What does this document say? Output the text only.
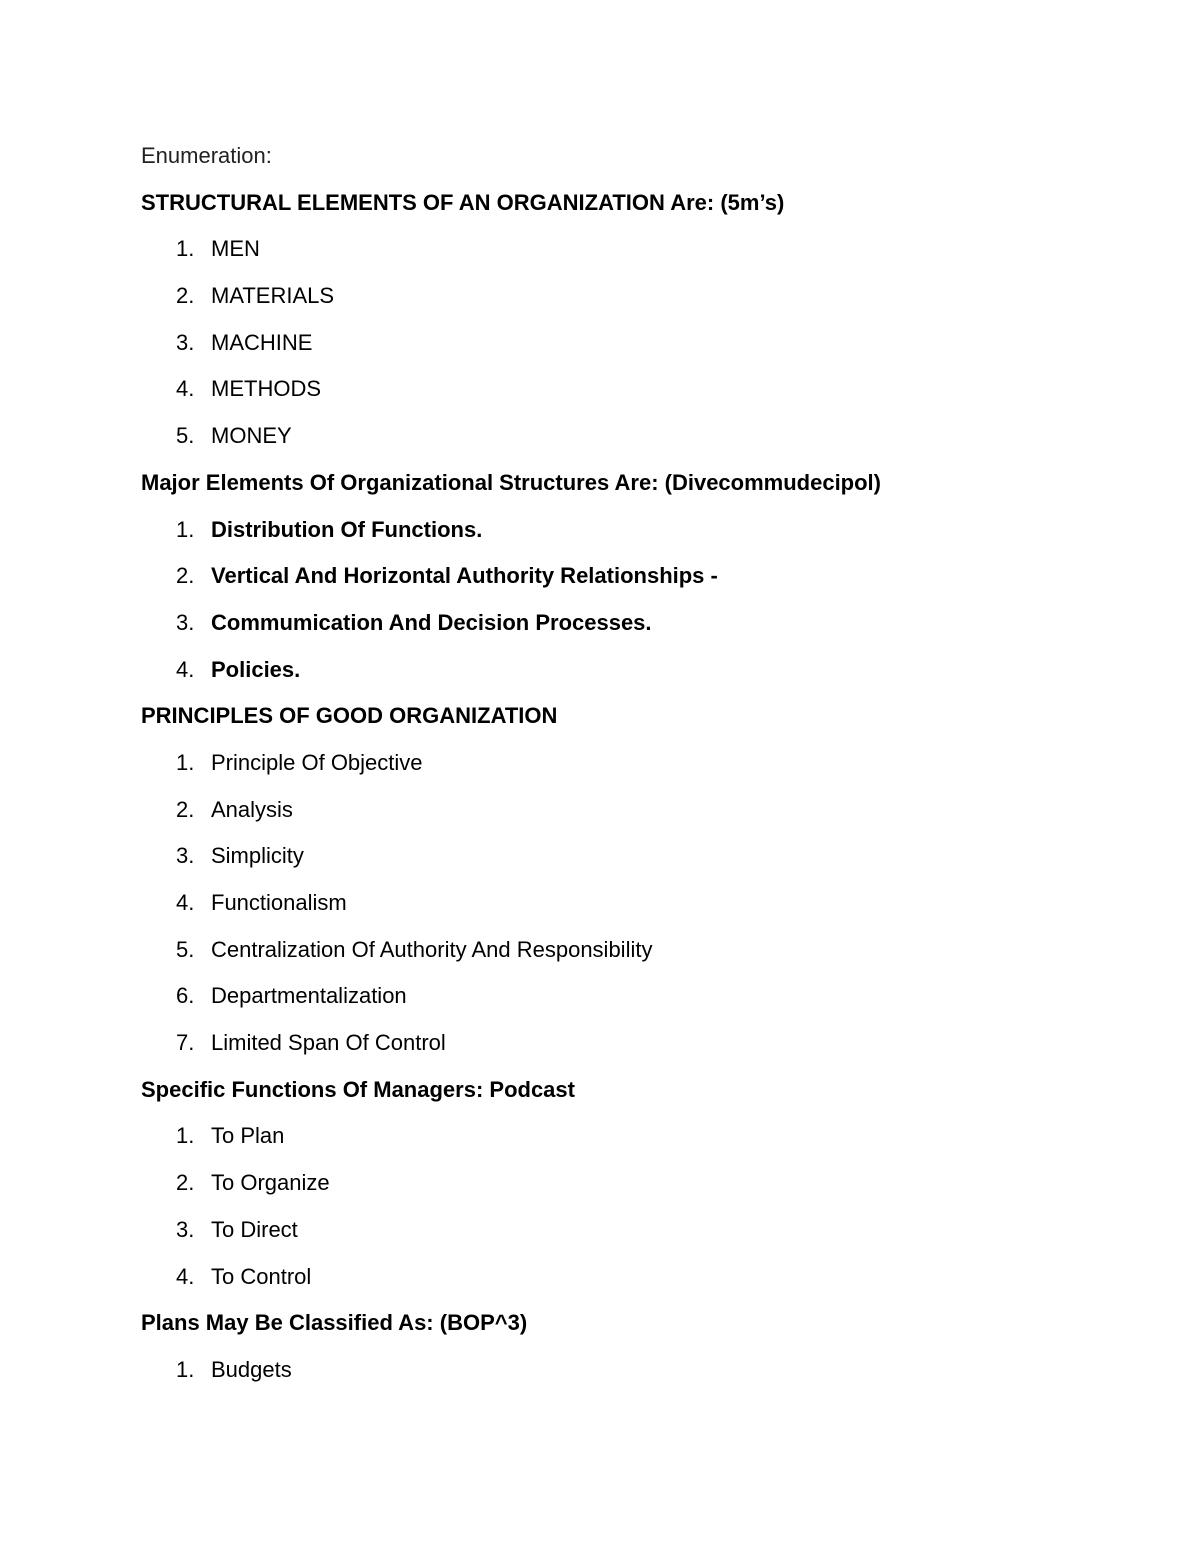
Enumeration:
STRUCTURAL ELEMENTS OF AN ORGANIZATION Are: (5m’s)
1. MEN
2. MATERIALS
3. MACHINE
4. METHODS
5. MONEY
Major Elements Of Organizational Structures Are: (Divecommudecipol)
1. Distribution Of Functions.
2. Vertical And Horizontal Authority Relationships -
3. Commumication And Decision Processes.
4. Policies.
PRINCIPLES OF GOOD ORGANIZATION
1. Principle Of Objective
2. Analysis
3. Simplicity
4. Functionalism
5. Centralization Of Authority And Responsibility
6. Departmentalization
7. Limited Span Of Control
Specific Functions Of Managers: Podcast
1. To Plan
2. To Organize
3. To Direct
4. To Control
Plans May Be Classified As: (BOP^3)
1. Budgets
